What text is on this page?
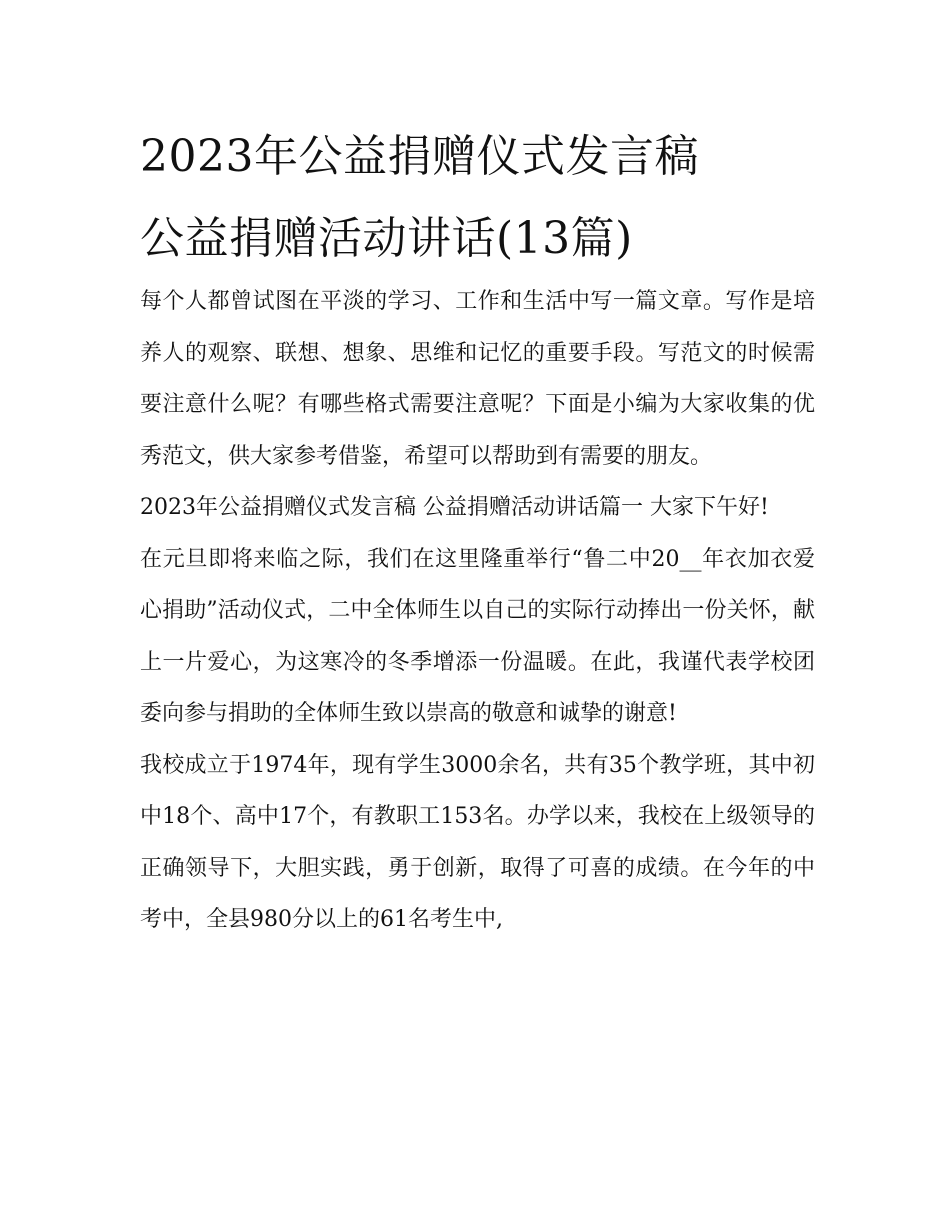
2023年公益捐赠仪式发言稿
公益捐赠活动讲话(13篇)

每个人都曾试图在平淡的学习、工作和生活中写一篇文章。写作是培养人的观察、联想、想象、思维和记忆的重要手段。写范文的时候需要注意什么呢？有哪些格式需要注意呢？下面是小编为大家收集的优秀范文，供大家参考借鉴，希望可以帮助到有需要的朋友。

2023年公益捐赠仪式发言稿 公益捐赠活动讲话篇一 大家下午好!

在元旦即将来临之际，我们在这里隆重举行“鲁二中20__年衣加衣爱心捐助”活动仪式，二中全体师生以自己的实际行动捧出一份关怀，献上一片爱心，为这寒冷的冬季增添一份温暖。在此，我谨代表学校团委向参与捐助的全体师生致以崇高的敬意和诚挚的谢意!

我校成立于1974年，现有学生3000余名，共有35个教学班，其中初中18个、高中17个，有教职工153名。办学以来，我校在上级领导的正确领导下，大胆实践，勇于创新，取得了可喜的成绩。在今年的中考中，全县980分以上的61名考生中,
